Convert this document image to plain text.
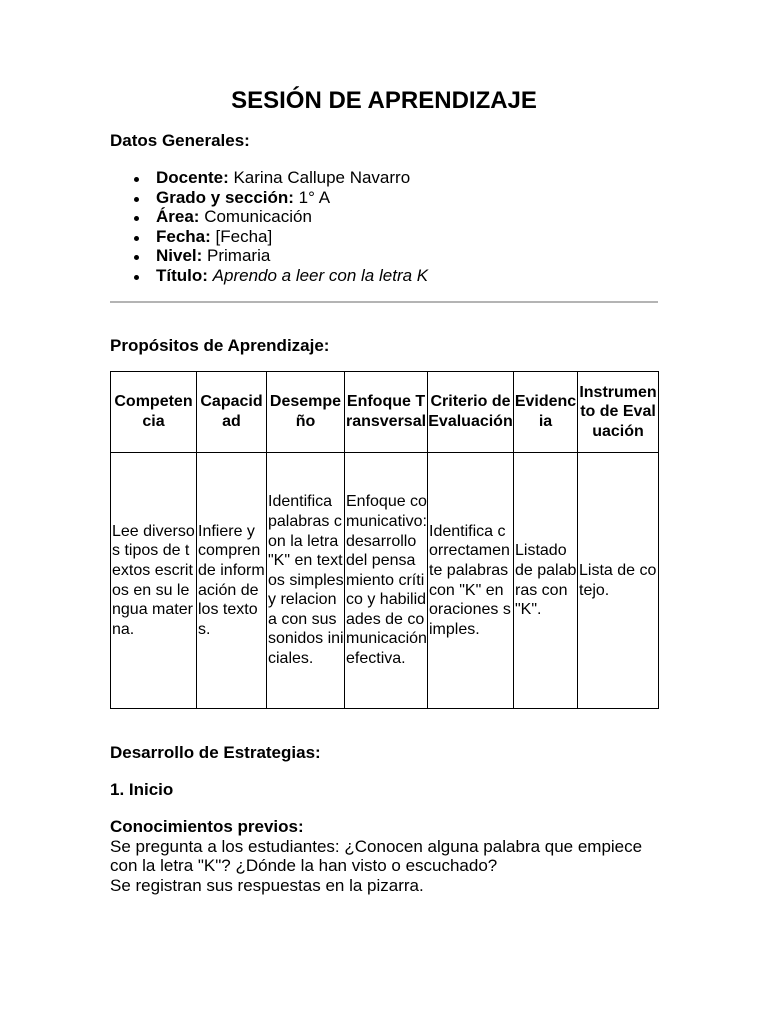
SESIÓN DE APRENDIZAJE
Datos Generales:
Docente: Karina Callupe Navarro
Grado y sección: 1° A
Área: Comunicación
Fecha: [Fecha]
Nivel: Primaria
Título: Aprendo a leer con la letra K
Propósitos de Aprendizaje:
Competencia	Capacidad	Desempeño	Enfoque Transversal	Criterio de Evaluación	Evidencia	Instrumento de Evaluación
Lee diversos tipos de textos escritos en su lengua materna.	Infiere y comprende información de los textos.	Identifica palabras con la letra "K" en textos simples y relaciona con sus sonidos iniciales.	Enfoque comunicativo: desarrollo del pensamiento crítico y habilidades de comunicación efectiva.	Identifica correctamente palabras con "K" en oraciones simples.	Listado de palabras con "K".	Lista de cotejo.
Desarrollo de Estrategias:
1. Inicio

Conocimientos previos:

Se pregunta a los estudiantes: ¿Conocen alguna palabra que empiece con la letra "K"? ¿Dónde la han visto o escuchado?

Se registran sus respuestas en la pizarra.
